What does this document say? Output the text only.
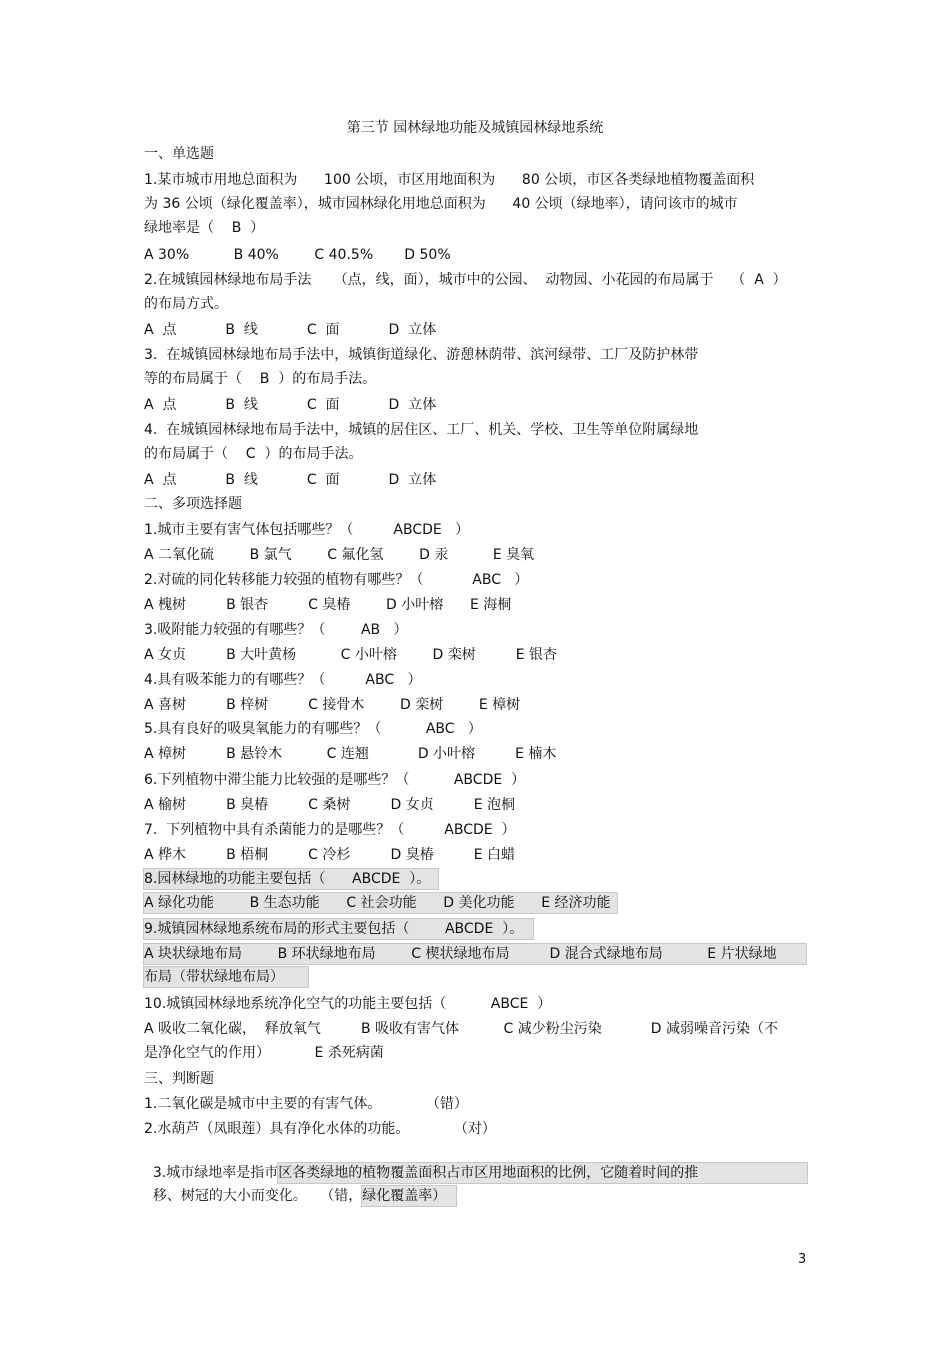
第三节 园林绿地功能及城镇园林绿地系统
一、单选题
1.某市城市用地总面积为      100 公顷，市区用地面积为      80 公顷，市区各类绿地植物覆盖面积
为 36 公顷（绿化覆盖率），城市园林绿化用地总面积为      40 公顷（绿地率），请问该市的城市
绿地率是（    B  ）
A 30%          B 40%        C 40.5%       D 50%
2.在城镇园林绿地布局手法     （点，线，面），城市中的公园、  动物园、小花园的布局属于    （  A  ）
的布局方式。
A  点           B  线           C  面           D  立体
3.  在城镇园林绿地布局手法中，城镇街道绿化、游憩林荫带、滨河绿带、工厂及防护林带
等的布局属于（    B  ）的布局手法。
A  点           B  线           C  面           D  立体
4.  在城镇园林绿地布局手法中，城镇的居住区、工厂、机关、学校、卫生等单位附属绿地
的布局属于（    C  ）的布局手法。
A  点           B  线           C  面           D  立体
二、多项选择题
1.城市主要有害气体包括哪些？（         ABCDE   ）
A 二氧化硫        B 氯气        C 氟化氢        D 汞          E 臭氧
2.对硫的同化转移能力较强的植物有哪些？（           ABC   ）
A 槐树         B 银杏         C 臭椿        D 小叶榕      E 海桐
3.吸附能力较强的有哪些？（        AB   ）
A 女贞         B 大叶黄杨          C 小叶榕        D 栾树         E 银杏
4.具有吸苯能力的有哪些？（         ABC   ）
A 喜树         B 梓树         C 接骨木        D 栾树        E 樟树
5.具有良好的吸臭氧能力的有哪些？（          ABC   ）
A 樟树         B 悬铃木          C 连翘           D 小叶榕         E 楠木
6.下列植物中滞尘能力比较强的是哪些？（          ABCDE  ）
A 榆树         B 臭椿         C 桑树         D 女贞         E 泡桐
7.  下列植物中具有杀菌能力的是哪些？（         ABCDE  ）
A 桦木         B 梧桐         C 冷杉         D 臭椿         E 白蜡
8.园林绿地的功能主要包括（      ABCDE  ）。
A 绿化功能        B 生态功能      C 社会功能      D 美化功能      E 经济功能
9.城镇园林绿地系统布局的形式主要包括（        ABCDE  ）。
A 块状绿地布局        B 环状绿地布局        C 楔状绿地布局         D 混合式绿地布局          E 片状绿地
布局（带状绿地布局）
10.城镇园林绿地系统净化空气的功能主要包括（          ABCE  ）
A 吸收二氧化碳，  释放氧气         B 吸收有害气体          C 减少粉尘污染           D 减弱噪音污染（不
是净化空气的作用）          E 杀死病菌
三、判断题
1.二氧化碳是城市中主要的有害气体。          （错）
2.水葫芦（凤眼莲）具有净化水体的功能。          （对）

3.城市绿地率是指市区各类绿地的植物覆盖面积占市区用地面积的比例，它随着时间的推

移、树冠的大小而变化。   （错，绿化覆盖率）

3
